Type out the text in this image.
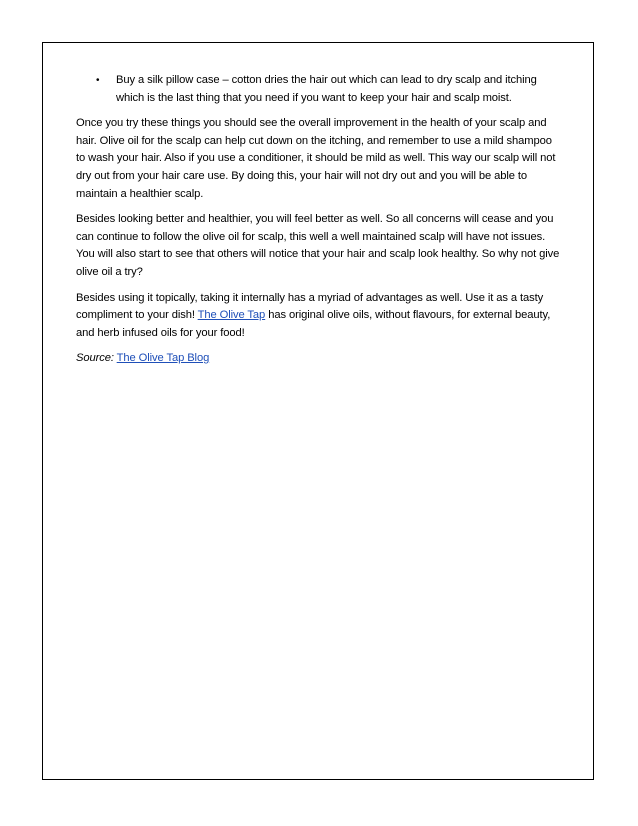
• Buy a silk pillow case – cotton dries the hair out which can lead to dry scalp and itching which is the last thing that you need if you want to keep your hair and scalp moist.

Once you try these things you should see the overall improvement in the health of your scalp and hair. Olive oil for the scalp can help cut down on the itching, and remember to use a mild shampoo to wash your hair. Also if you use a conditioner, it should be mild as well. This way our scalp will not dry out from your hair care use. By doing this, your hair will not dry out and you will be able to maintain a healthier scalp.

Besides looking better and healthier, you will feel better as well. So all concerns will cease and you can continue to follow the olive oil for scalp, this well a well maintained scalp will have not issues. You will also start to see that others will notice that your hair and scalp look healthy. So why not give olive oil a try?

Besides using it topically, taking it internally has a myriad of advantages as well. Use it as a tasty compliment to your dish! The Olive Tap has original olive oils, without flavours, for external beauty, and herb infused oils for your food!

Source: The Olive Tap Blog
